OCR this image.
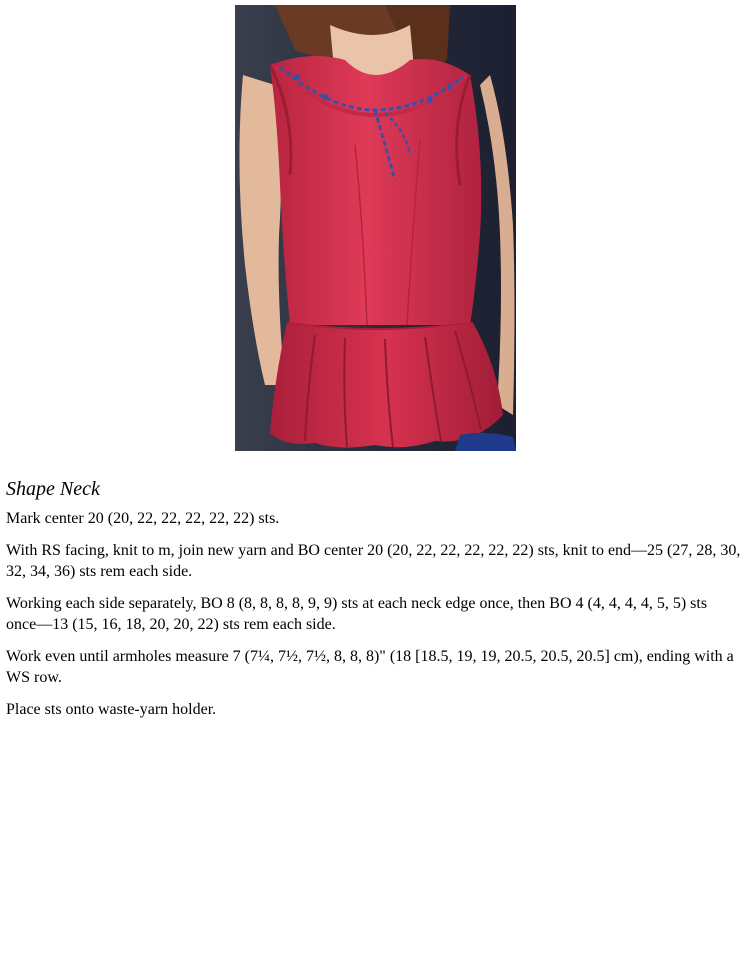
Shape Neck

Mark center 20 (20, 22, 22, 22, 22, 22) sts.

With RS facing, knit to m, join new yarn and BO center 20 (20, 22, 22, 22, 22, 22) sts, knit to end—25 (27, 28, 30, 32, 34, 36) sts rem each side.

Working each side separately, BO 8 (8, 8, 8, 8, 9, 9) sts at each neck edge once, then BO 4 (4, 4, 4, 4, 5, 5) sts once—13 (15, 16, 18, 20, 20, 22) sts rem each side.

Work even until armholes measure 7 (7¼, 7½, 7½, 8, 8, 8)" (18 [18.5, 19, 19, 20.5, 20.5, 20.5] cm), ending with a WS row.

Place sts onto waste-yarn holder.
